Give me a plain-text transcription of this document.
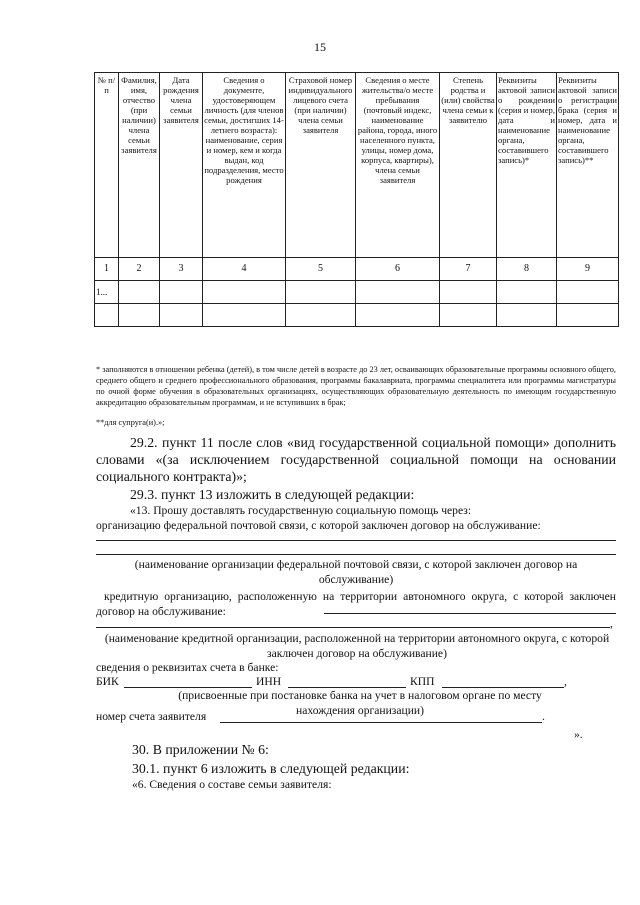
15
№ п/п	Фамилия, имя, отчество (при наличии) члена семьи заявителя	Дата рождения члена семьи заявителя	Сведения о документе, удостоверяющем личность (для членов семьи, достигших 14-летнего возраста): наименование, серия и номер, кем и когда выдан, код подразделения, место рождения	Страховой номер индивидуального лицевого счета (при наличии) члена семьи заявителя	Сведения о месте жительства/о месте пребывания (почтовый индекс, наименование района, города, иного населенного пункта, улицы, номер дома, корпуса, квартиры), члена семьи заявителя	Степень родства и (или) свойства члена семьи к заявителю	Реквизиты актовой записи о рождении (серия и номер, дата и наименование органа, составившего запись)*	Реквизиты актовой записи о регистрации брака (серия и номер, дата и наименование органа, составившего запись)**
1	2	3	4	5	6	7	8	9
1...								

* заполняются в отношении ребенка (детей), в том числе детей в возрасте до 23 лет, осваивающих образовательные программы основного общего, среднего общего и среднего профессионального образования, программы бакалавриата, программы специалитета или программы магистратуры по очной форме обучения в образовательных организациях, осуществляющих образовательную деятельность по имеющим государственную аккредитацию образовательным программам, и не вступивших в брак;
**для супруга(и).»;
29.2. пункт 11 после слов «вид государственной социальной помощи» дополнить словами «(за исключением государственной социальной помощи на основании социального контракта)»;
29.3. пункт 13 изложить в следующей редакции:
«13. Прошу доставлять государственную социальную помощь через:
организацию федеральной почтовой связи, с которой заключен договор на обслуживание:
(наименование организации федеральной почтовой связи, с которой заключен договор на обслуживание)
кредитную организацию, расположенную на территории автономного округа, с которой заключен договор на обслуживание:
,
(наименование кредитной организации, расположенной на территории автономного округа, с которой заключен договор на обслуживание)
сведения о реквизитах счета в банке:
БИК	ИНН	КПП	,
(присвоенные при постановке банка на учет в налоговом органе по месту нахождения организации)
номер счета заявителя	.
».
30. В приложении № 6:
30.1. пункт 6 изложить в следующей редакции:
«6. Сведения о составе семьи заявителя:
